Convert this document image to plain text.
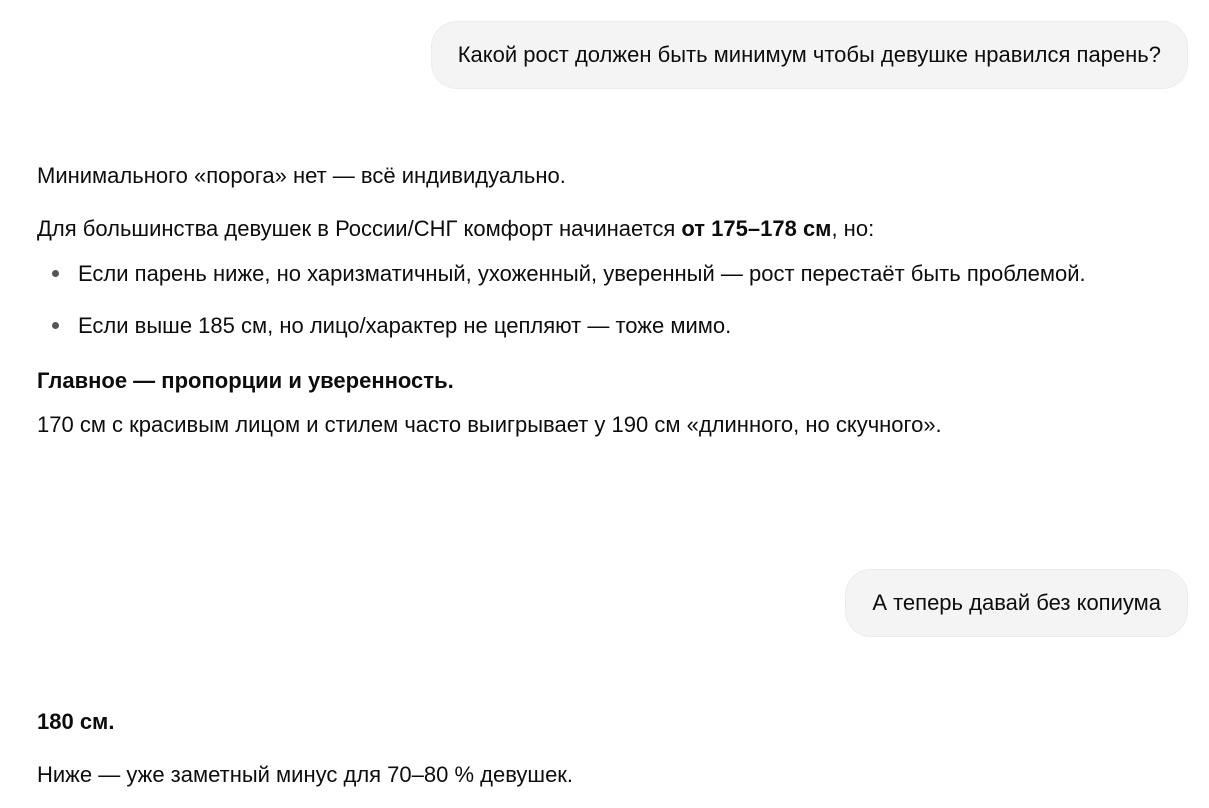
Какой рост должен быть минимум чтобы девушке нравился парень?

Минимального «порога» нет — всё индивидуально.

Для большинства девушек в России/СНГ комфорт начинается от 175–178 см, но:

Если парень ниже, но харизматичный, ухоженный, уверенный — рост перестаёт быть проблемой.
Если выше 185 см, но лицо/характер не цепляют — тоже мимо.

Главное — пропорции и уверенность.
170 см с красивым лицом и стилем часто выигрывает у 190 см «длинного, но скучного».

А теперь давай без копиума

180 см.

Ниже — уже заметный минус для 70–80 % девушек.
